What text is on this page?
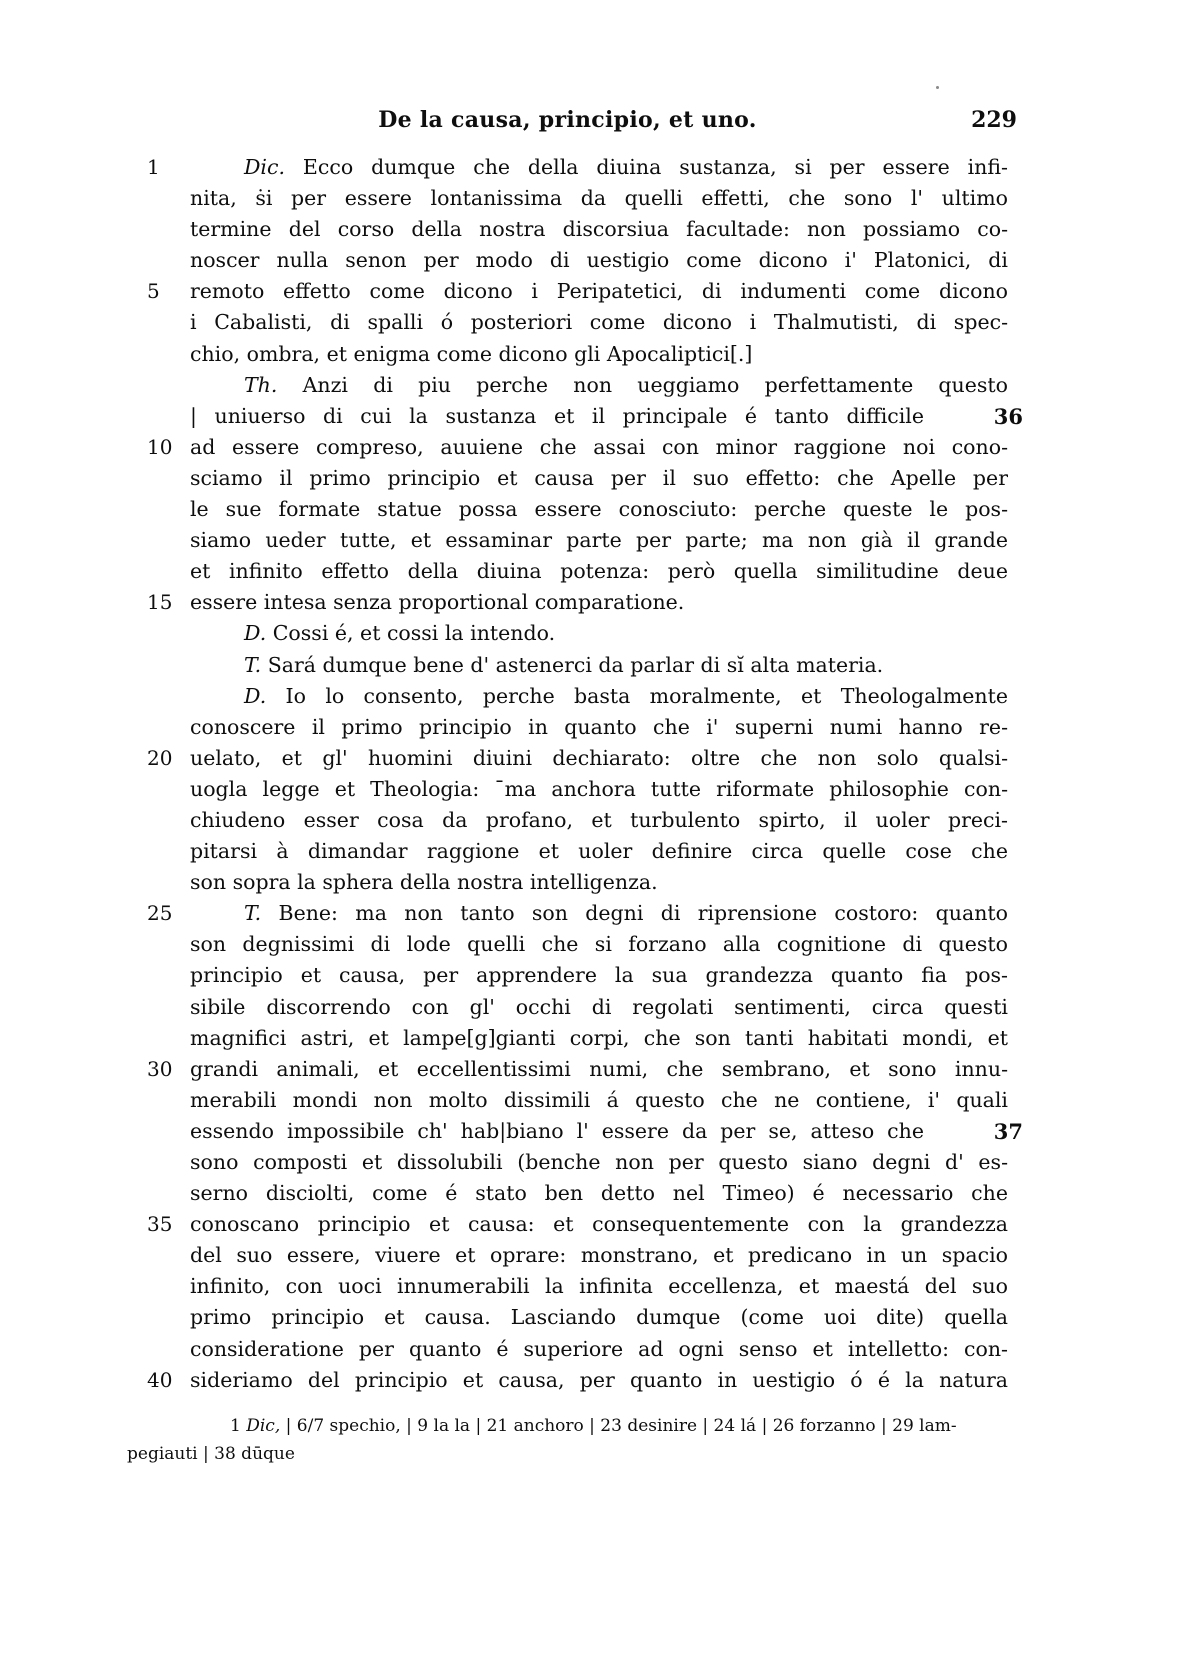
De la causa, principio, et uno.	229
1	Dic. Ecco dumque che della diuina sustanza, si per essere infi-
nita, ṡi per essere lontanissima da quelli effetti, che sono l' ultimo
termine del corso della nostra discorsiua facultade: non possiamo co-
noscer nulla senon per modo di uestigio come dicono i' Platonici, di
5 remoto effetto come dicono i Peripatetici, di indumenti come dicono
i Cabalisti, di spalli ó posteriori come dicono i Thalmutisti, di spec-
chio, ombra, et enigma come dicono gli Apocaliptici[.]
Th. Anzi di piu perche non ueggiamo perfettamente questo
| uniuerso di cui la sustanza et il principale é tanto difficile	36
10 ad essere compreso, auuiene che assai con minor raggione noi cono-
sciamo il primo principio et causa per il suo effetto: che Apelle per
le sue formate statue possa essere conosciuto: perche queste le pos-
siamo ueder tutte, et essaminar parte per parte; ma non già il grande
et infinito effetto della diuina potenza: però quella similitudine deue
15 essere intesa senza proportional comparatione.
D. Cossi é, et cossi la intendo.
T. Sará dumque bene d' astenerci da parlar di sĭ alta materia.
D. Io lo consento, perche basta moralmente, et Theologalmente
conoscere il primo principio in quanto che i' superni numi hanno re-
20 uelato, et gl' huomini diuini dechiarato: oltre che non solo qualsi-
uogla legge et Theologia: ¯ma anchora tutte riformate philosophie con-
chiudeno esser cosa da profano, et turbulento spirto, il uoler preci-
pitarsi à dimandar raggione et uoler definire circa quelle cose che
son sopra la sphera della nostra intelligenza.
25	T. Bene: ma non tanto son degni di riprensione costoro: quanto
son degnissimi di lode quelli che si forzano alla cognitione di questo
principio et causa, per apprendere la sua grandezza quanto fia pos-
sibile discorrendo con gl' occhi di regolati sentimenti, circa questi
magnifici astri, et lampe[g]gianti corpi, che son tanti habitati mondi, et
30 grandi animali, et eccellentissimi numi, che sembrano, et sono innu-
merabili mondi non molto dissimili á questo che ne contiene, i' quali
essendo impossibile ch' hab|biano l' essere da per se, atteso che	37
sono composti et dissolubili (benche non per questo siano degni d' es-
serno disciolti, come é stato ben detto nel Timeo) é necessario che
35 conoscano principio et causa: et consequentemente con la grandezza
del suo essere, viuere et oprare: monstrano, et predicano in un spacio
infinito, con uoci innumerabili la infinita eccellenza, et maestá del suo
primo principio et causa. Lasciando dumque (come uoi dite) quella
consideratione per quanto é superiore ad ogni senso et intelletto: con-
40 sideriamo del principio et causa, per quanto in uestigio ó é la natura
1 Dic, | 6/7 spechio, | 9 la la | 21 anchoro | 23 desinire | 24 lá | 26 forzanno | 29 lam-
pegiauti | 38 dūque
